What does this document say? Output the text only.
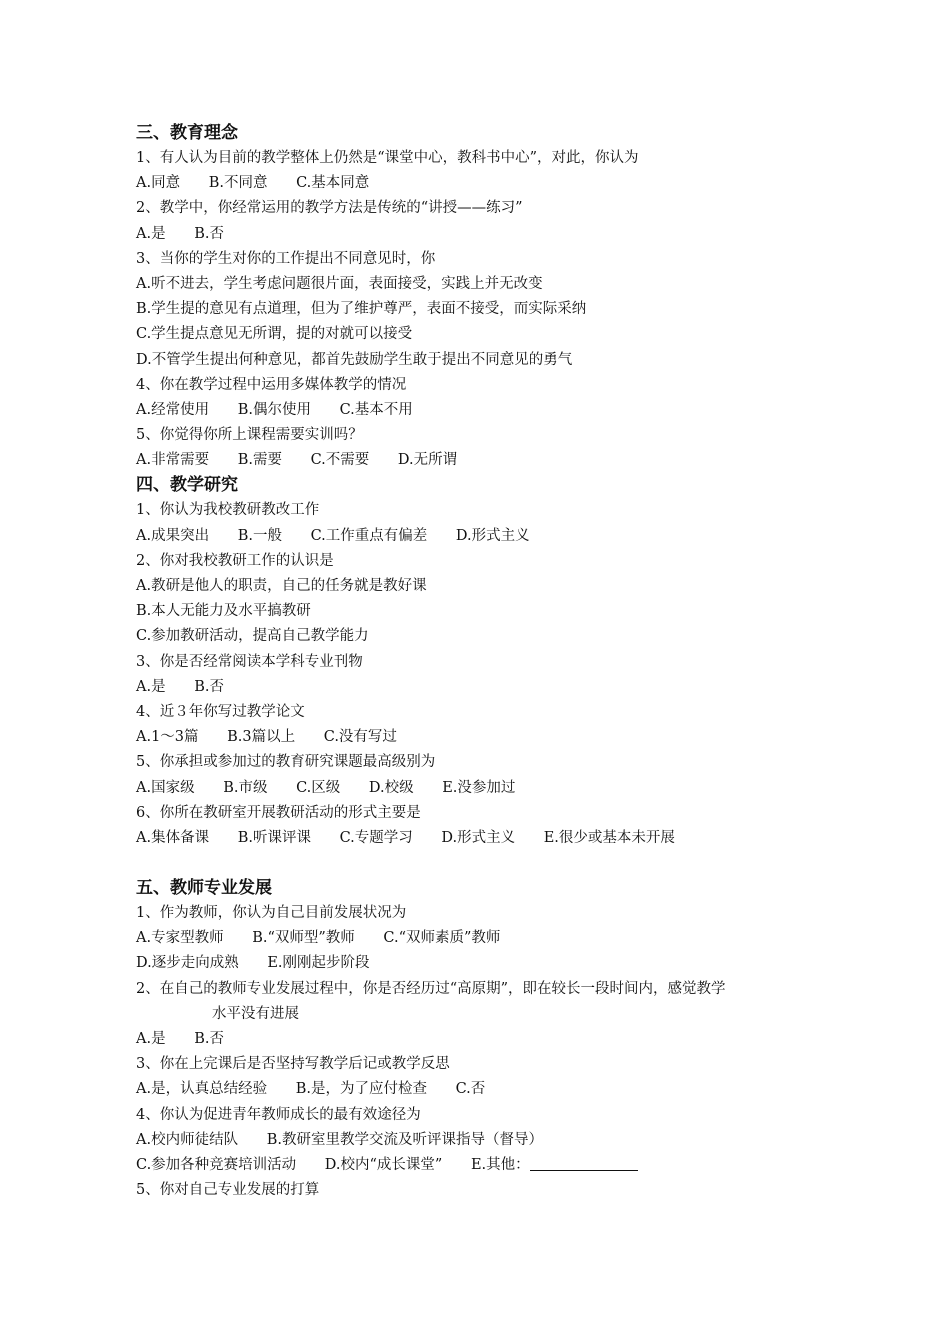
三、教育理念
1、有人认为目前的教学整体上仍然是“课堂中心，教科书中心”，对此，你认为
A.同意 B.不同意 C.基本同意
2、教学中，你经常运用的教学方法是传统的“讲授——练习”
A.是 B.否
3、当你的学生对你的工作提出不同意见时，你
A.听不进去，学生考虑问题很片面，表面接受，实践上并无改变
B.学生提的意见有点道理，但为了维护尊严，表面不接受，而实际采纳
C.学生提点意见无所谓，提的对就可以接受
D.不管学生提出何种意见，都首先鼓励学生敢于提出不同意见的勇气
4、你在教学过程中运用多媒体教学的情况
A.经常使用 B.偶尔使用 C.基本不用
5、你觉得你所上课程需要实训吗？
A.非常需要 B.需要 C.不需要 D.无所谓
四、教学研究
1、你认为我校教研教改工作
A.成果突出 B.一般 C.工作重点有偏差 D.形式主义
2、你对我校教研工作的认识是
A.教研是他人的职责，自己的任务就是教好课
B.本人无能力及水平搞教研
C.参加教研活动，提高自己教学能力
3、你是否经常阅读本学科专业刊物
A.是 B.否
4、近３年你写过教学论文
A.1～3篇 B.3篇以上 C.没有写过
5、你承担或参加过的教育研究课题最高级别为
A.国家级 B.市级 C.区级 D.校级 E.没参加过
6、你所在教研室开展教研活动的形式主要是
A.集体备课 B.听课评课 C.专题学习 D.形式主义 E.很少或基本未开展
五、教师专业发展
1、作为教师，你认为自己目前发展状况为
A.专家型教师 B.“双师型”教师 C.“双师素质”教师
D.逐步走向成熟 E.刚刚起步阶段
2、在自己的教师专业发展过程中，你是否经历过“高原期”，即在较长一段时间内，感觉教学
水平没有进展
A.是 B.否
3、你在上完课后是否坚持写教学后记或教学反思
A.是，认真总结经验 B.是，为了应付检查 C.否
4、你认为促进青年教师成长的最有效途径为
A.校内师徒结队 B.教研室里教学交流及听评课指导（督导）
C.参加各种竞赛培训活动 D.校内“成长课堂” E.其他：
5、你对自己专业发展的打算
